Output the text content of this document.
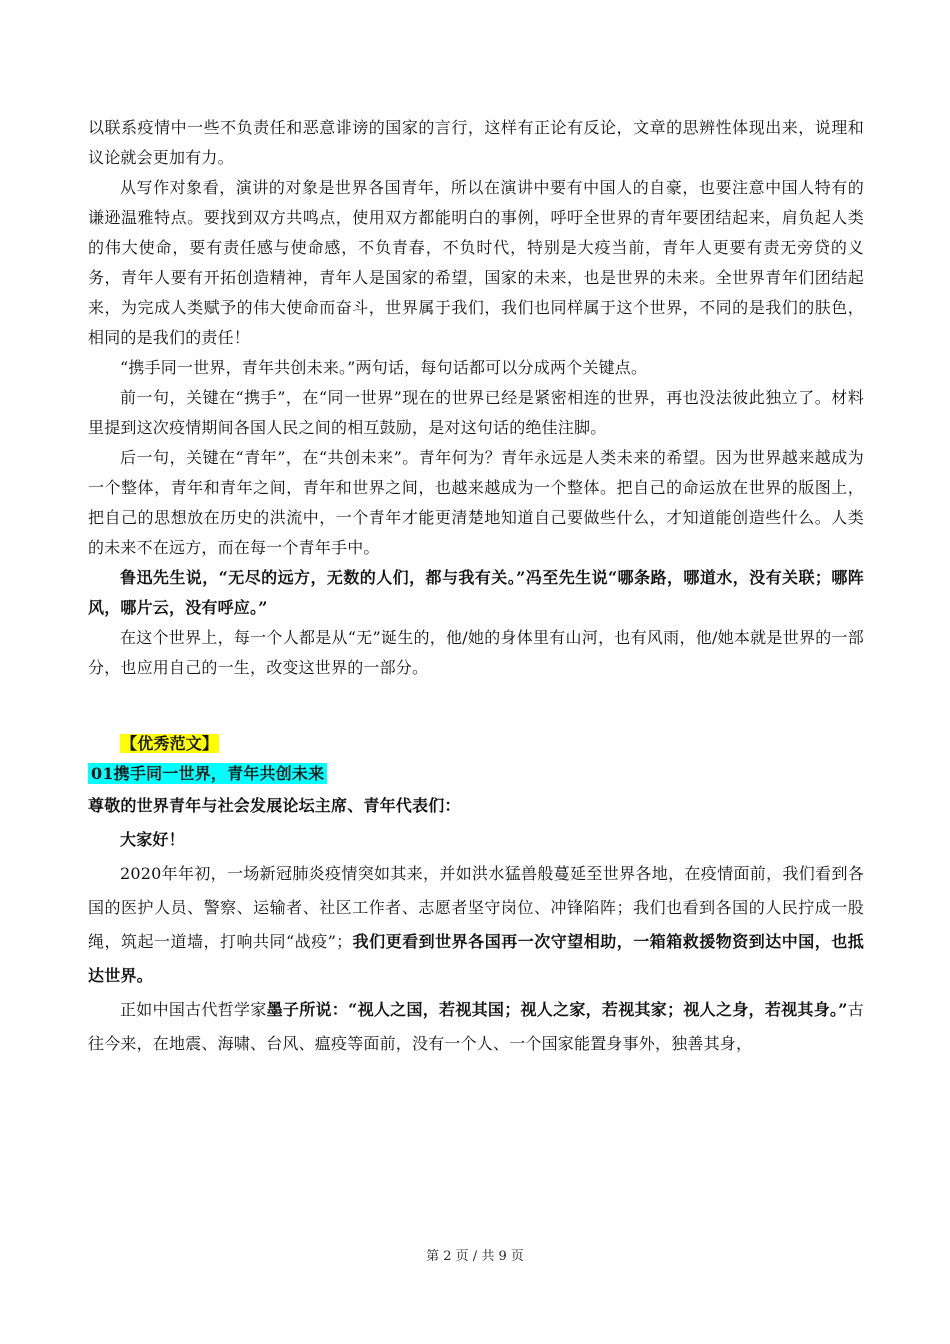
以联系疫情中一些不负责任和恶意诽谤的国家的言行，这样有正论有反论，文章的思辨性体现出来，说理和议论就会更加有力。

从写作对象看，演讲的对象是世界各国青年，所以在演讲中要有中国人的自豪，也要注意中国人特有的谦逊温雅特点。要找到双方共鸣点，使用双方都能明白的事例，呼吁全世界的青年要团结起来，肩负起人类的伟大使命，要有责任感与使命感，不负青春，不负时代，特别是大疫当前，青年人更要有责无旁贷的义务，青年人要有开拓创造精神，青年人是国家的希望，国家的未来，也是世界的未来。全世界青年们团结起来，为完成人类赋予的伟大使命而奋斗，世界属于我们，我们也同样属于这个世界，不同的是我们的肤色，相同的是我们的责任！

“携手同一世界，青年共创未来。”两句话，每句话都可以分成两个关键点。

前一句，关键在“携手”，在“同一世界”现在的世界已经是紧密相连的世界，再也没法彼此独立了。材料里提到这次疫情期间各国人民之间的相互鼓励，是对这句话的绝佳注脚。

后一句，关键在“青年”，在“共创未来”。青年何为？青年永远是人类未来的希望。因为世界越来越成为一个整体，青年和青年之间，青年和世界之间，也越来越成为一个整体。把自己的命运放在世界的版图上，把自己的思想放在历史的洪流中，一个青年才能更清楚地知道自己要做些什么，才知道能创造些什么。人类的未来不在远方，而在每一个青年手中。

鲁迅先生说，“无尽的远方，无数的人们，都与我有关。”冯至先生说“哪条路，哪道水，没有关联；哪阵风，哪片云，没有呼应。”

在这个世界上，每一个人都是从“无”诞生的，他/她的身体里有山河，也有风雨，他/她本就是世界的一部分，也应用自己的一生，改变这世界的一部分。

【优秀范文】

01携手同一世界，青年共创未来

尊敬的世界青年与社会发展论坛主席、青年代表们：

大家好！

2020年年初，一场新冠肺炎疫情突如其来，并如洪水猛兽般蔓延至世界各地，在疫情面前，我们看到各国的医护人员、警察、运输者、社区工作者、志愿者坚守岗位、冲锋陷阵；我们也看到各国的人民拧成一股绳，筑起一道墙，打响共同“战疫”；我们更看到世界各国再一次守望相助，一箱箱救援物资到达中国，也抵达世界。

正如中国古代哲学家墨子所说：“视人之国，若视其国；视人之家，若视其家；视人之身，若视其身。”古往今来，在地震、海啸、台风、瘟疫等面前，没有一个人、一个国家能置身事外，独善其身，

第 2 页 / 共 9 页
